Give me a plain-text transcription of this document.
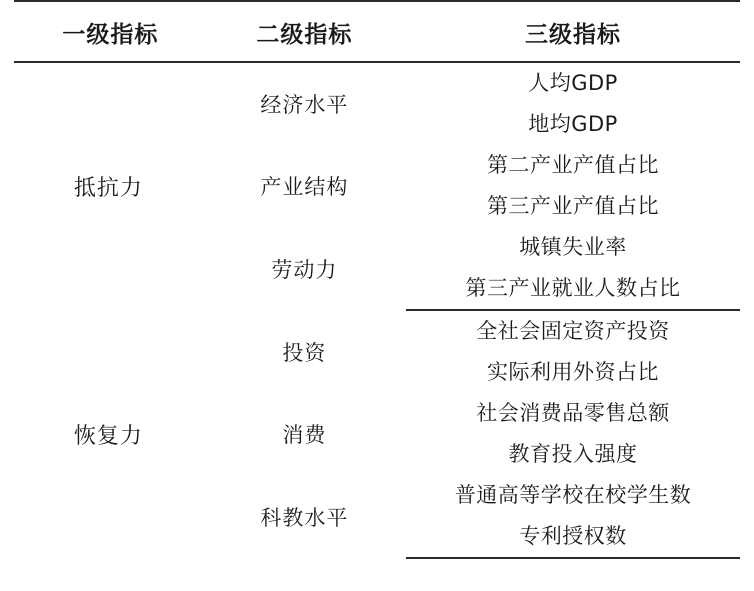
一级指标	二级指标	三级指标
抵抗力	经济水平	人均GDP
		地均GDP
	产业结构	第二产业产值占比
		第三产业产值占比
	劳动力	城镇失业率
		第三产业就业人数占比
恢复力	投资	全社会固定资产投资
		实际利用外资占比
	消费	社会消费品零售总额
		教育投入强度
	科教水平	普通高等学校在校学生数
		专利授权数
